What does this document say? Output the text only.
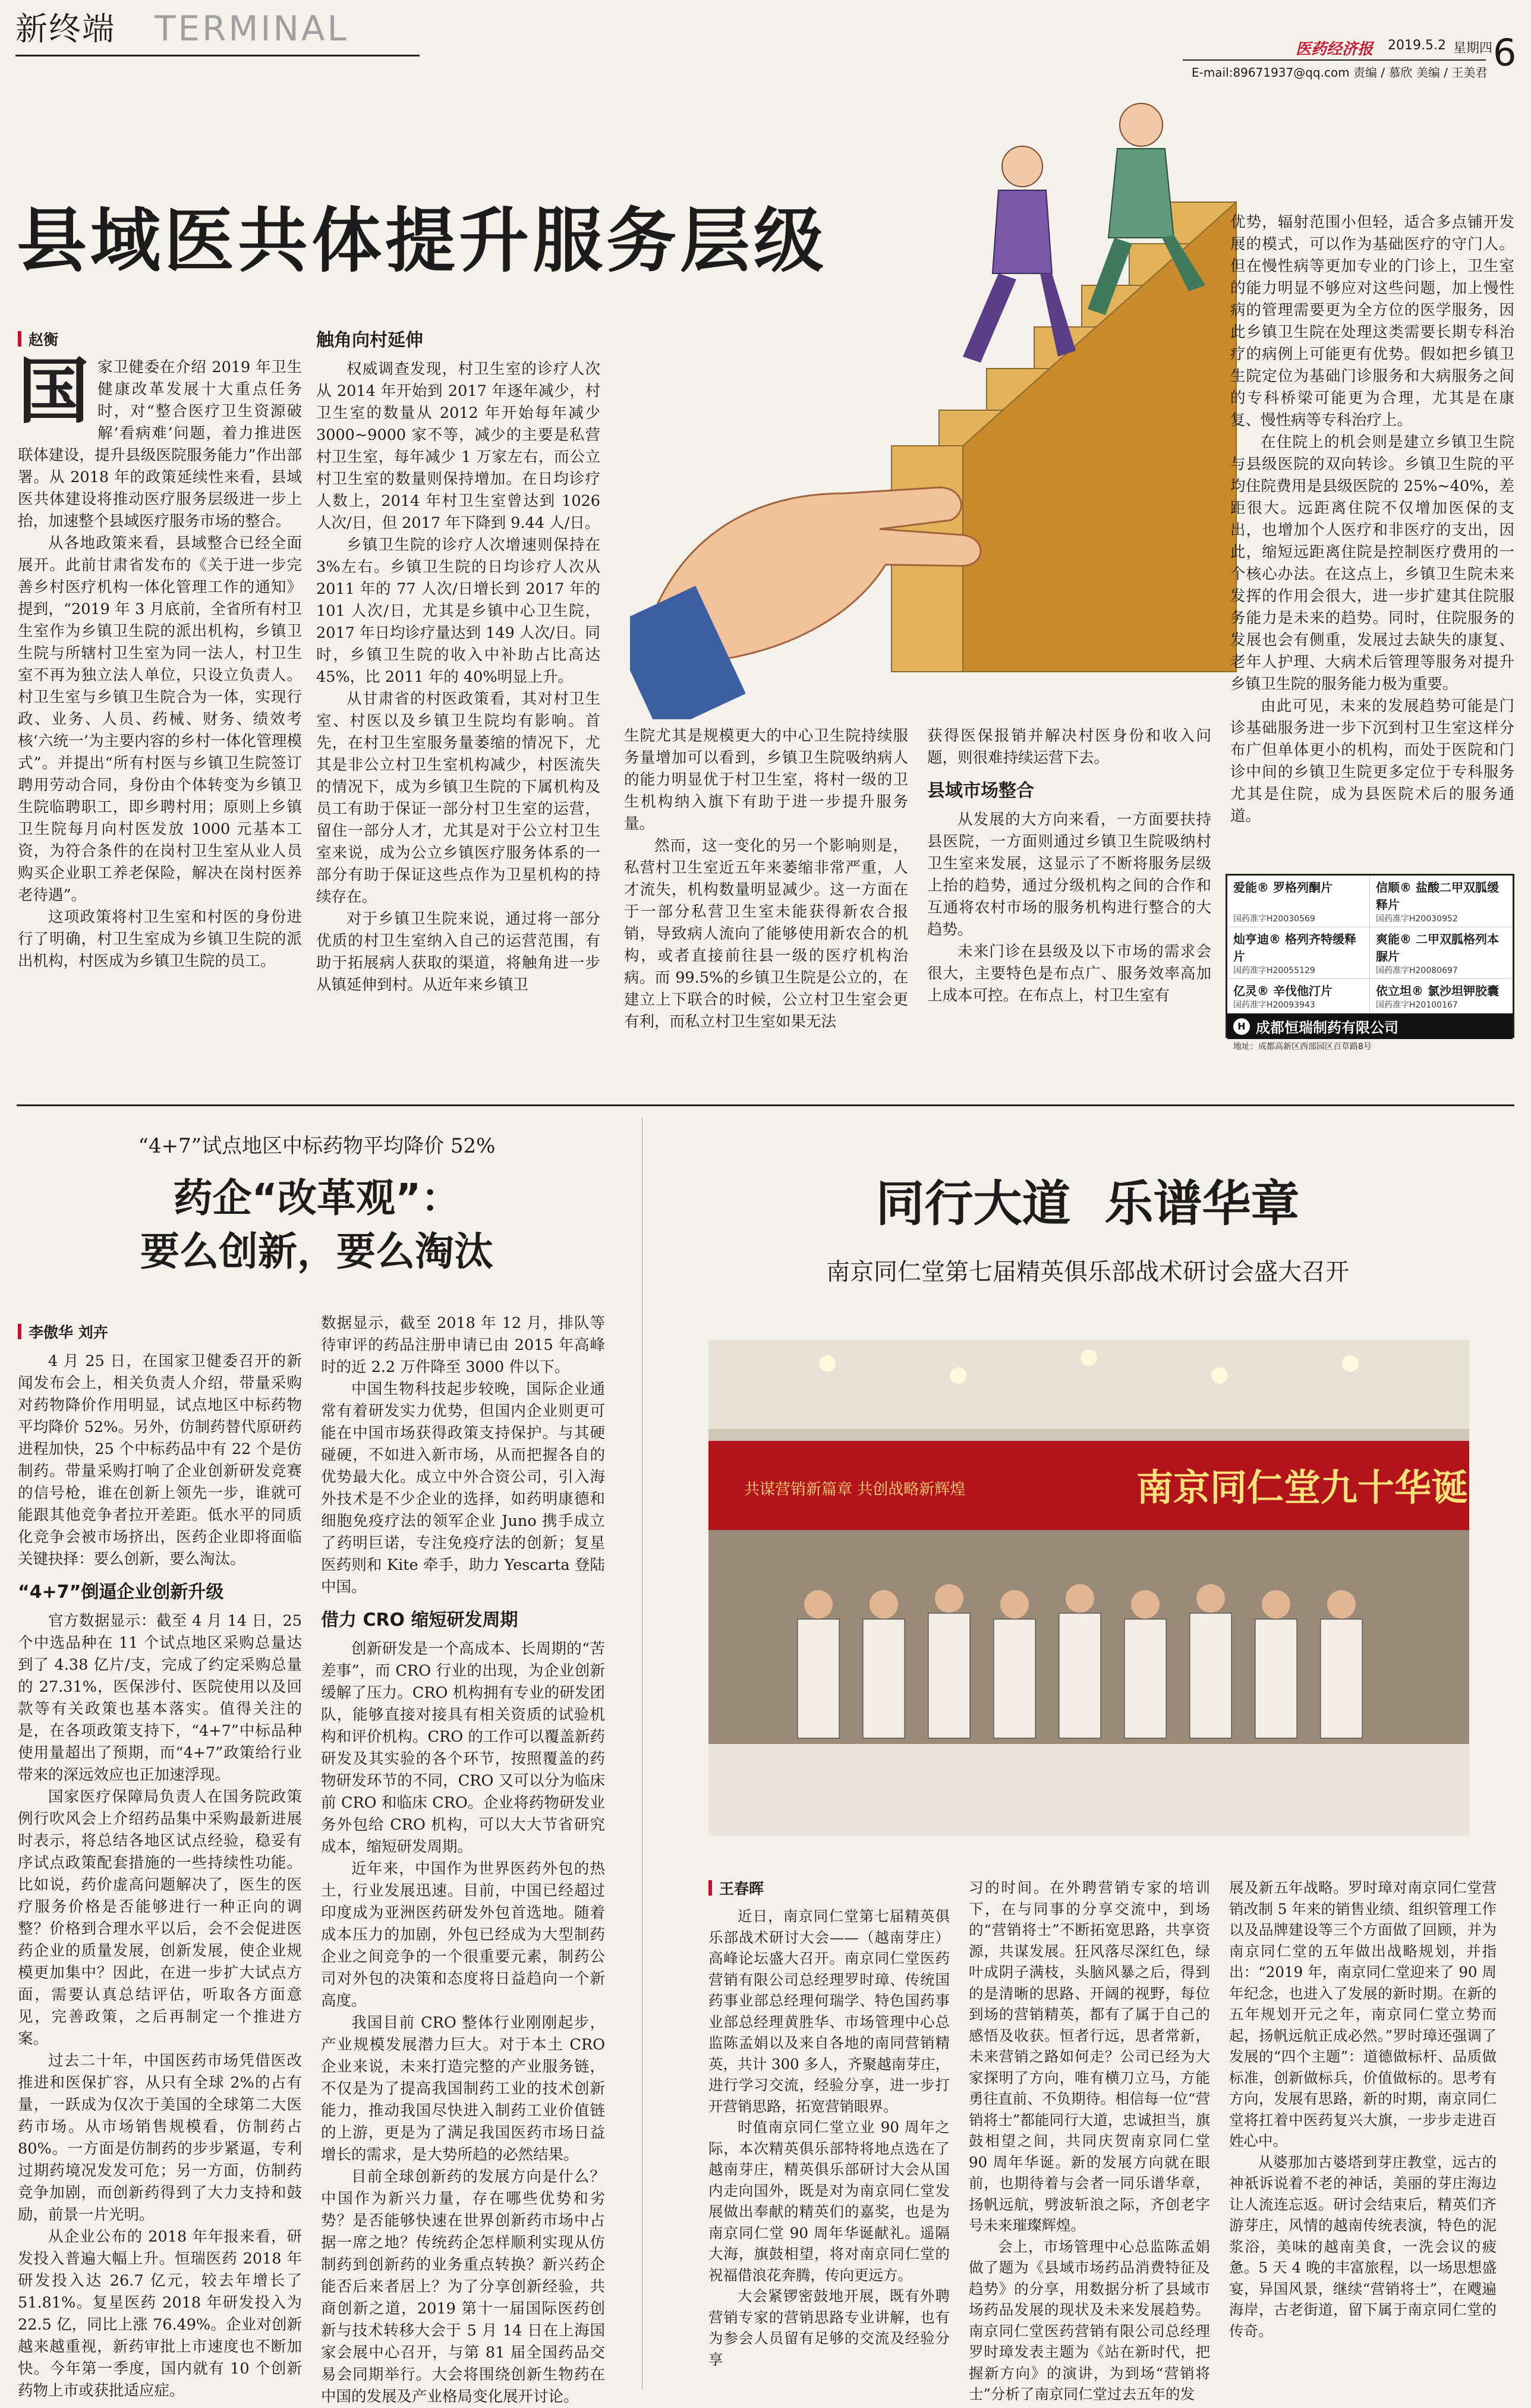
新终端 TERMINAL
医药经济报 2019.5.2 星期四 6
E-mail:89671937@qq.com 责编 / 慕欣 美编 / 王美君
县域医共体提升服务层级
赵衡
国 家卫健委在介绍 2019 年卫生健康改革发展十大重点任务时，对“整合医疗卫生资源破解‘看病难’问题，着力推进医联体建设，提升县级医院服务能力”作出部署。从 2018 年的政策延续性来看，县域医共体建设将推动医疗服务层级进一步上抬，加速整个县域医疗服务市场的整合。

从各地政策来看，县域整合已经全面展开。此前甘肃省发布的《关于进一步完善乡村医疗机构一体化管理工作的通知》提到，“2019 年 3 月底前，全省所有村卫生室作为乡镇卫生院的派出机构，乡镇卫生院与所辖村卫生室为同一法人，村卫生室不再为独立法人单位，只设立负责人。村卫生室与乡镇卫生院合为一体，实现行政、业务、人员、药械、财务、绩效考核‘六统一’为主要内容的乡村一体化管理模式”。并提出“所有村医与乡镇卫生院签订聘用劳动合同，身份由个体转变为乡镇卫生院临聘职工，即乡聘村用；原则上乡镇卫生院每月向村医发放 1000 元基本工资，为符合条件的在岗村卫生室从业人员购买企业职工养老保险，解决在岗村医养老待遇”。

这项政策将村卫生室和村医的身份进行了明确，村卫生室成为乡镇卫生院的派出机构，村医成为乡镇卫生院的员工。

触角向村延伸

权威调查发现，村卫生室的诊疗人次从 2014 年开始到 2017 年逐年减少，村卫生室的数量从 2012 年开始每年减少 3000~9000 家不等，减少的主要是私营村卫生室，每年减少 1 万家左右，而公立村卫生室的数量则保持增加。在日均诊疗人数上，2014 年村卫生室曾达到 1026 人次/日，但 2017 年下降到 9.44 人/日。

乡镇卫生院的诊疗人次增速则保持在 3%左右。乡镇卫生院的日均诊疗人次从 2011 年的 77 人次/日增长到 2017 年的 101 人次/日，尤其是乡镇中心卫生院，2017 年日均诊疗量达到 149 人次/日。同时，乡镇卫生院的收入中补助占比高达 45%，比 2011 年的 40%明显上升。

从甘肃省的村医政策看，其对村卫生室、村医以及乡镇卫生院均有影响。首先，在村卫生室服务量萎缩的情况下，尤其是非公立村卫生室机构减少，村医流失的情况下，成为乡镇卫生院的下属机构及员工有助于保证一部分村卫生室的运营，留住一部分人才，尤其是对于公立村卫生室来说，成为公立乡镇医疗服务体系的一部分有助于保证这些点作为卫星机构的持续存在。

对于乡镇卫生院来说，通过将一部分优质的村卫生室纳入自己的运营范围，有助于拓展病人获取的渠道，将触角进一步从镇延伸到村。从近年来乡镇卫

生院尤其是规模更大的中心卫生院持续服务量增加可以看到，乡镇卫生院吸纳病人的能力明显优于村卫生室，将村一级的卫生机构纳入旗下有助于进一步提升服务量。

然而，这一变化的另一个影响则是，私营村卫生室近五年来萎缩非常严重，人才流失，机构数量明显减少。这一方面在于一部分私营卫生室未能获得新农合报销，导致病人流向了能够使用新农合的机构，或者直接前往县一级的医疗机构治病。而 99.5%的乡镇卫生院是公立的，在建立上下联合的时候，公立村卫生室会更有利，而私立村卫生室如果无法

获得医保报销并解决村医身份和收入问题，则很难持续运营下去。

县域市场整合

从发展的大方向来看，一方面要扶持县医院，一方面则通过乡镇卫生院吸纳村卫生室来发展，这显示了不断将服务层级上抬的趋势，通过分级机构之间的合作和互通将农村市场的服务机构进行整合的大趋势。

未来门诊在县级及以下市场的需求会很大，主要特色是布点广、服务效率高加上成本可控。在布点上，村卫生室有

优势，辐射范围小但轻，适合多点铺开发展的模式，可以作为基础医疗的守门人。但在慢性病等更加专业的门诊上，卫生室的能力明显不够应对这些问题，加上慢性病的管理需要更为全方位的医学服务，因此乡镇卫生院在处理这类需要长期专科治疗的病例上可能更有优势。假如把乡镇卫生院定位为基础门诊服务和大病服务之间的专科桥梁可能更为合理，尤其是在康复、慢性病等专科治疗上。

在住院上的机会则是建立乡镇卫生院与县级医院的双向转诊。乡镇卫生院的平均住院费用是县级医院的 25%~40%，差距很大。远距离住院不仅增加医保的支出，也增加个人医疗和非医疗的支出，因此，缩短远距离住院是控制医疗费用的一个核心办法。在这点上，乡镇卫生院未来发挥的作用会很大，进一步扩建其住院服务能力是未来的趋势。同时，住院服务的发展也会有侧重，发展过去缺失的康复、老年人护理、大病术后管理等服务对提升乡镇卫生院的服务能力极为重要。

由此可见，未来的发展趋势可能是门诊基础服务进一步下沉到村卫生室这样分布广但单体更小的机构，而处于医院和门诊中间的乡镇卫生院更多定位于专科服务尤其是住院，成为县医院术后的服务通道。

爱能® 罗格列酮片
国药准字H20030569
信顺® 盐酸二甲双胍缓释片
国药准字H20030952
灿亨迪® 格列齐特缓释片
国药准字H20055129
爽能® 二甲双胍格列本脲片
国药准字H20080697
亿灵® 辛伐他汀片
国药准字H20093943
依立坦® 氯沙坦钾胶囊
国药准字H20100167
H 成都恒瑞制药有限公司
地址：成都高新区西部园区百草路8号
“4+7”试点地区中标药物平均降价 52%
药企“改革观”：
要么创新，要么淘汰
李傲华 刘卉

4 月 25 日，在国家卫健委召开的新闻发布会上，相关负责人介绍，带量采购对药物降价作用明显，试点地区中标药物平均降价 52%。另外，仿制药替代原研药进程加快，25 个中标药品中有 22 个是仿制药。带量采购打响了企业创新研发竞赛的信号枪，谁在创新上领先一步，谁就可能跟其他竞争者拉开差距。低水平的同质化竞争会被市场挤出，医药企业即将面临关键抉择：要么创新，要么淘汰。

“4+7”倒逼企业创新升级

官方数据显示：截至 4 月 14 日，25 个中选品种在 11 个试点地区采购总量达到了 4.38 亿片/支，完成了约定采购总量的 27.31%，医保涉付、医院使用以及回款等有关政策也基本落实。值得关注的是，在各项政策支持下，“4+7”中标品种使用量超出了预期，而“4+7”政策给行业带来的深远效应也正加速浮现。

国家医疗保障局负责人在国务院政策例行吹风会上介绍药品集中采购最新进展时表示，将总结各地区试点经验，稳妥有序试点政策配套措施的一些持续性功能。比如说，药价虚高问题解决了，医生的医疗服务价格是否能够进行一种正向的调整？价格到合理水平以后，会不会促进医药企业的质量发展，创新发展，使企业规模更加集中？因此，在进一步扩大试点方面，需要认真总结评估，听取各方面意见，完善政策，之后再制定一个推进方案。

过去二十年，中国医药市场凭借医改推进和医保扩容，从只有全球 2%的占有量，一跃成为仅次于美国的全球第二大医药市场。从市场销售规模看，仿制药占 80%。一方面是仿制药的步步紧逼，专利过期药境况发发可危；另一方面，仿制药竞争加剧，而创新药得到了大力支持和鼓励，前景一片光明。

从企业公布的 2018 年年报来看，研发投入普遍大幅上升。恒瑞医药 2018 年研发投入达 26.7 亿元，较去年增长了 51.81%。复星医药 2018 年研发投入为 22.5 亿，同比上涨 76.49%。企业对创新越来越重视，新药审批上市速度也不断加快。今年第一季度，国内就有 10 个创新药物上市或获批适应症。

数据显示，截至 2018 年 12 月，排队等待审评的药品注册申请已由 2015 年高峰时的近 2.2 万件降至 3000 件以下。

中国生物科技起步较晚，国际企业通常有着研发实力优势，但国内企业则更可能在中国市场获得政策支持保护。与其硬碰硬，不如进入新市场，从而把握各自的优势最大化。成立中外合资公司，引入海外技术是不少企业的选择，如药明康德和细胞免疫疗法的领军企业 Juno 携手成立了药明巨诺，专注免疫疗法的创新；复星医药则和 Kite 牵手，助力 Yescarta 登陆中国。

借力 CRO 缩短研发周期

创新研发是一个高成本、长周期的“苦差事”，而 CRO 行业的出现，为企业创新缓解了压力。CRO 机构拥有专业的研发团队，能够直接对接具有相关资质的试验机构和评价机构。CRO 的工作可以覆盖新药研发及其实验的各个环节，按照覆盖的药物研发环节的不同，CRO 又可以分为临床前 CRO 和临床 CRO。企业将药物研发业务外包给 CRO 机构，可以大大节省研究成本，缩短研发周期。

近年来，中国作为世界医药外包的热土，行业发展迅速。目前，中国已经超过印度成为亚洲医药研发外包首选地。随着成本压力的加剧，外包已经成为大型制药企业之间竞争的一个很重要元素，制药公司对外包的决策和态度将日益趋向一个新高度。

我国目前 CRO 整体行业刚刚起步，产业规模发展潜力巨大。对于本土 CRO 企业来说，未来打造完整的产业服务链，不仅是为了提高我国制药工业的技术创新能力，推动我国尽快进入制药工业价值链的上游，更是为了满足我国医药市场日益增长的需求，是大势所趋的必然结果。

目前全球创新药的发展方向是什么？中国作为新兴力量，存在哪些优势和劣势？是否能够快速在世界创新药市场中占据一席之地？传统药企怎样顺利实现从仿制药到创新药的业务重点转换？新兴药企能否后来者居上？为了分享创新经验，共商创新之道，2019 第十一届国际医药创新与技术转移大会于 5 月 14 日在上海国家会展中心召开，与第 81 届全国药品交易会同期举行。大会将围绕创新生物药在中国的发展及产业格局变化展开讨论。

同行大道  乐谱华章
南京同仁堂第七届精英俱乐部战术研讨会盛大召开
共谋营销新篇章 共创战略新辉煌	南京同仁堂九十华诞
王春晖

近日，南京同仁堂第七届精英俱乐部战术研讨大会——（越南芽庄）高峰论坛盛大召开。南京同仁堂医药营销有限公司总经理罗时璋、传统国药事业部总经理何瑞学、特色国药事业部总经理黄胜华、市场管理中心总监陈孟娟以及来自各地的南同营销精英，共计 300 多人，齐聚越南芽庄，进行学习交流，经验分享，进一步打开营销思路，拓宽营销眼界。

时值南京同仁堂立业 90 周年之际，本次精英俱乐部特将地点选在了越南芽庄，精英俱乐部研讨大会从国内走向国外，既是对为南京同仁堂发展做出奉献的精英们的嘉奖，也是为南京同仁堂 90 周年华诞献礼。遥隔大海，旗鼓相望，将对南京同仁堂的祝福借浪花奔腾，传向更远方。

大会紧锣密鼓地开展，既有外聘营销专家的营销思路专业讲解，也有为参会人员留有足够的交流及经验分享

习的时间。在外聘营销专家的培训下，在与同事的分享交流中，到场的“营销将士”不断拓宽思路，共享资源，共谋发展。狂风落尽深红色，绿叶成阴子满枝，头脑风暴之后，得到的是清晰的思路、开阔的视野，每位到场的营销精英，都有了属于自己的感悟及收获。恒者行远，思者常新，未来营销之路如何走？公司已经为大家探明了方向，唯有横刀立马，方能勇往直前、不负期待。相信每一位“营销将士”都能同行大道，忠诚担当，旗鼓相望之间，共同庆贺南京同仁堂 90 周年华诞。新的发展方向就在眼前，也期待着与会者一同乐谱华章，扬帆远航，劈波斩浪之际，齐创老字号未来璀璨辉煌。

会上，市场管理中心总监陈孟娟做了题为《县域市场药品消费特征及趋势》的分享，用数据分析了县域市场药品发展的现状及未来发展趋势。南京同仁堂医药营销有限公司总经理罗时璋发表主题为《站在新时代，把握新方向》的演讲，为到场“营销将士”分析了南京同仁堂过去五年的发

展及新五年战略。罗时璋对南京同仁堂营销改制 5 年来的销售业绩、组织管理工作以及品牌建设等三个方面做了回顾，并为南京同仁堂的五年做出战略规划，并指出：“2019 年，南京同仁堂迎来了 90 周年纪念，也进入了发展的新时期。在新的五年规划开元之年，南京同仁堂立势而起，扬帆远航正成必然。”罗时璋还强调了发展的“四个主题”：道德做标杆、品质做标准，创新做标兵，价值做标的。思考有方向，发展有思路，新的时期，南京同仁堂将扛着中医药复兴大旗，一步步走进百姓心中。

从婆那加古婆塔到芽庄教堂，远古的神祇诉说着不老的神话，美丽的芽庄海边让人流连忘返。研讨会结束后，精英们齐游芽庄，风情的越南传统表演，特色的泥浆浴，美味的越南美食，一洗会议的疲惫。5 天 4 晚的丰富旅程，以一场思想盛宴，异国风景，继续“营销将士”，在飕遍海岸，古老街道，留下属于南京同仁堂的传奇。
